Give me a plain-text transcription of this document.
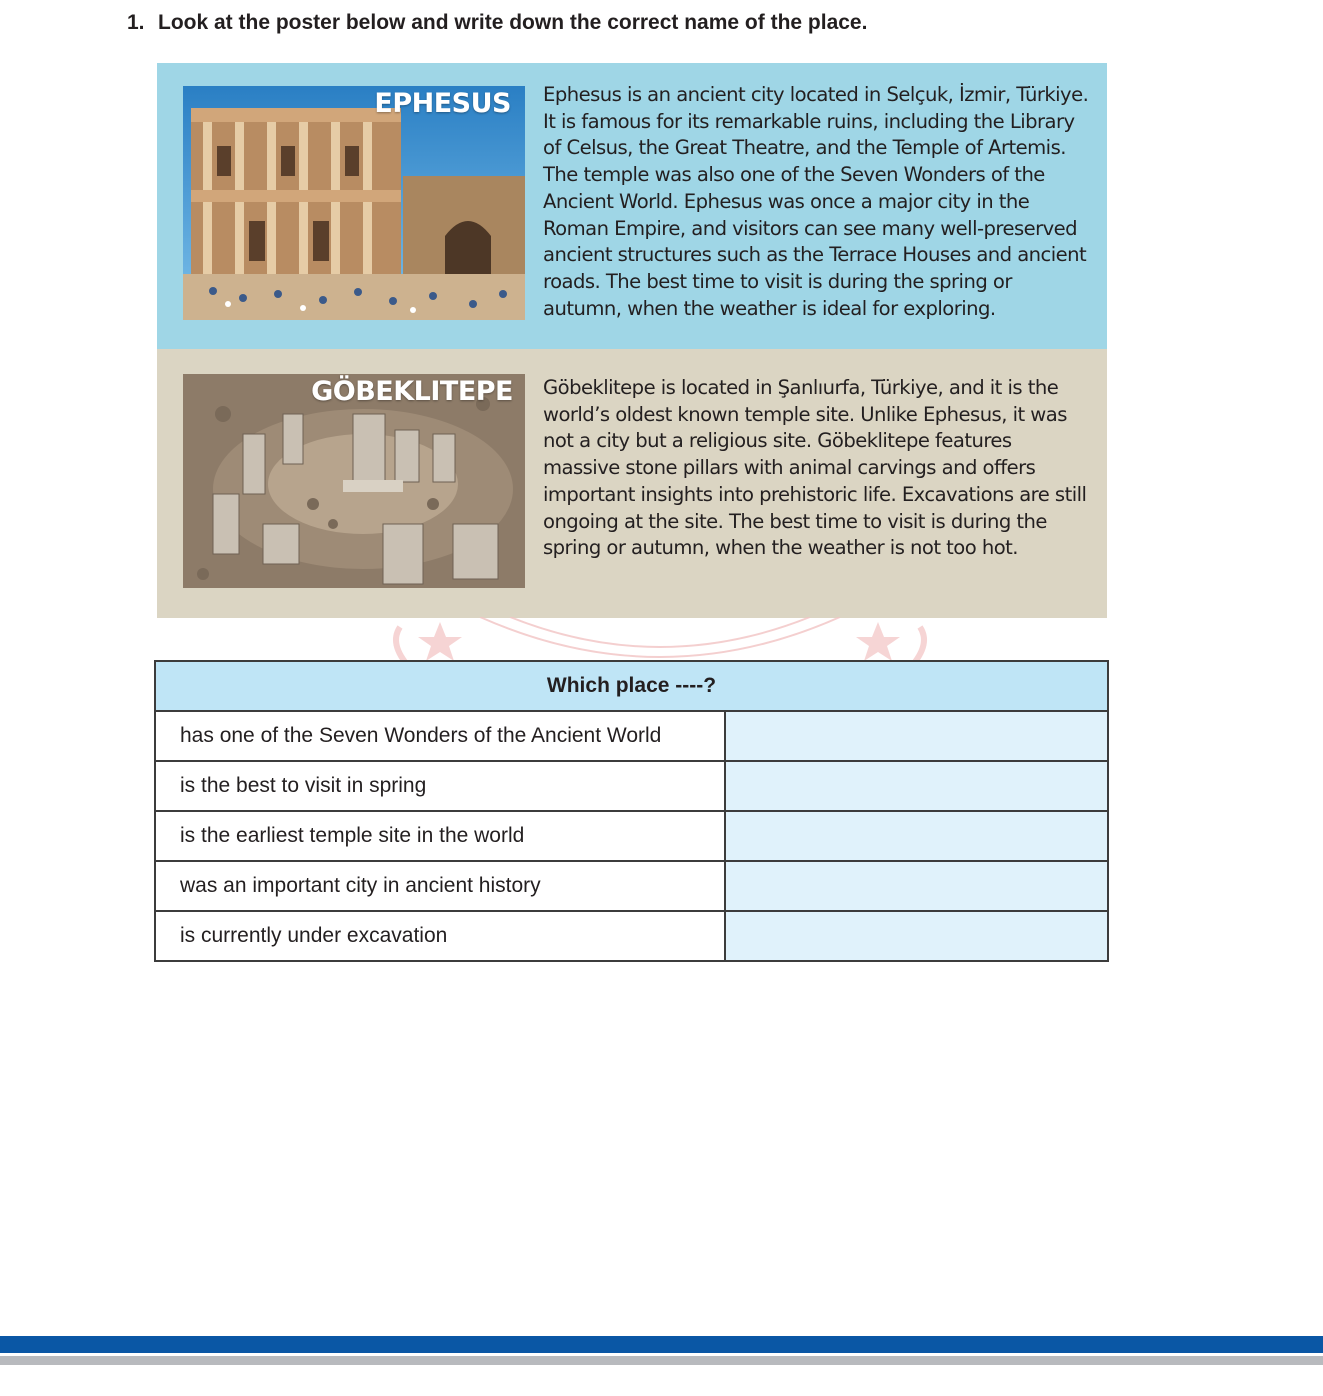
1. Look at the poster below and write down the correct name of the place.
EPHESUS Ephesus is an ancient city located in Selçuk, İzmir, Türkiye. It is famous for its remarkable ruins, including the Library of Celsus, the Great Theatre, and the Temple of Artemis. The temple was also one of the Seven Wonders of the Ancient World. Ephesus was once a major city in the Roman Empire, and visitors can see many well-preserved ancient structures such as the Terrace Houses and ancient roads. The best time to visit is during the spring or autumn, when the weather is ideal for exploring.
GÖBEKLITEPE Göbeklitepe is located in Şanlıurfa, Türkiye, and it is the world’s oldest known temple site. Unlike Ephesus, it was not a city but a religious site. Göbeklitepe features massive stone pillars with animal carvings and offers important insights into prehistoric life. Excavations are still ongoing at the site. The best time to visit is during the spring or autumn, when the weather is not too hot.
Which place ----?	
has one of the Seven Wonders of the Ancient World	
is the best to visit in spring	
is the earliest temple site in the world	
was an important city in ancient history	
is currently under excavation	
